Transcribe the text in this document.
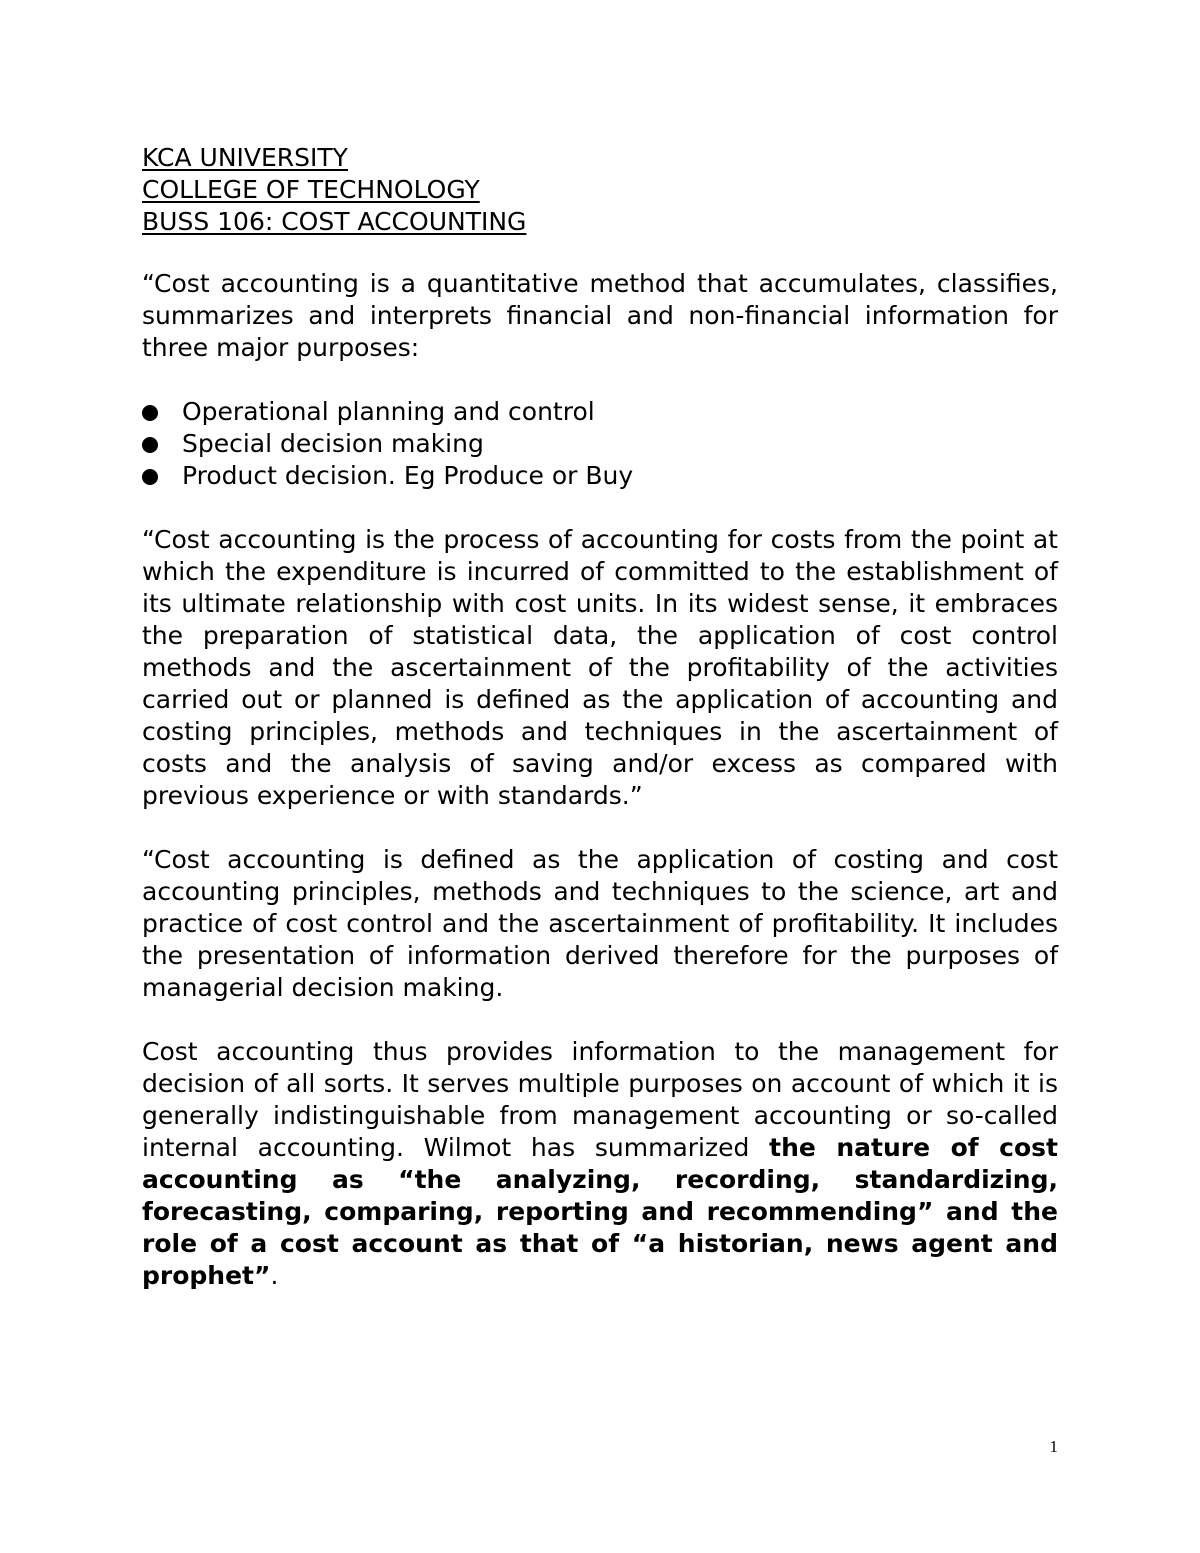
KCA UNIVERSITY
COLLEGE OF TECHNOLOGY
BUSS 106: COST ACCOUNTING

“Cost accounting is a quantitative method that accumulates, classifies, summarizes and interprets financial and non-financial information for three major purposes:

Operational planning and control
Special decision making
Product decision. Eg Produce or Buy

“Cost accounting is the process of accounting for costs from the point at which the expenditure is incurred of committed to the establishment of its ultimate relationship with cost units. In its widest sense, it embraces the preparation of statistical data, the application of cost control methods and the ascertainment of the profitability of the activities carried out or planned is defined as the application of accounting and costing principles, methods and techniques in the ascertainment of costs and the analysis of saving and/or excess as compared with previous experience or with standards.”

“Cost accounting is defined as the application of costing and cost accounting principles, methods and techniques to the science, art and practice of cost control and the ascertainment of profitability. It includes the presentation of information derived therefore for the purposes of managerial decision making.

Cost accounting thus provides information to the management for decision of all sorts. It serves multiple purposes on account of which it is generally indistinguishable from management accounting or so-called internal accounting. Wilmot has summarized the nature of cost accounting as “the analyzing, recording, standardizing, forecasting, comparing, reporting and recommending” and the role of a cost account as that of “a historian, news agent and prophet”.

1
